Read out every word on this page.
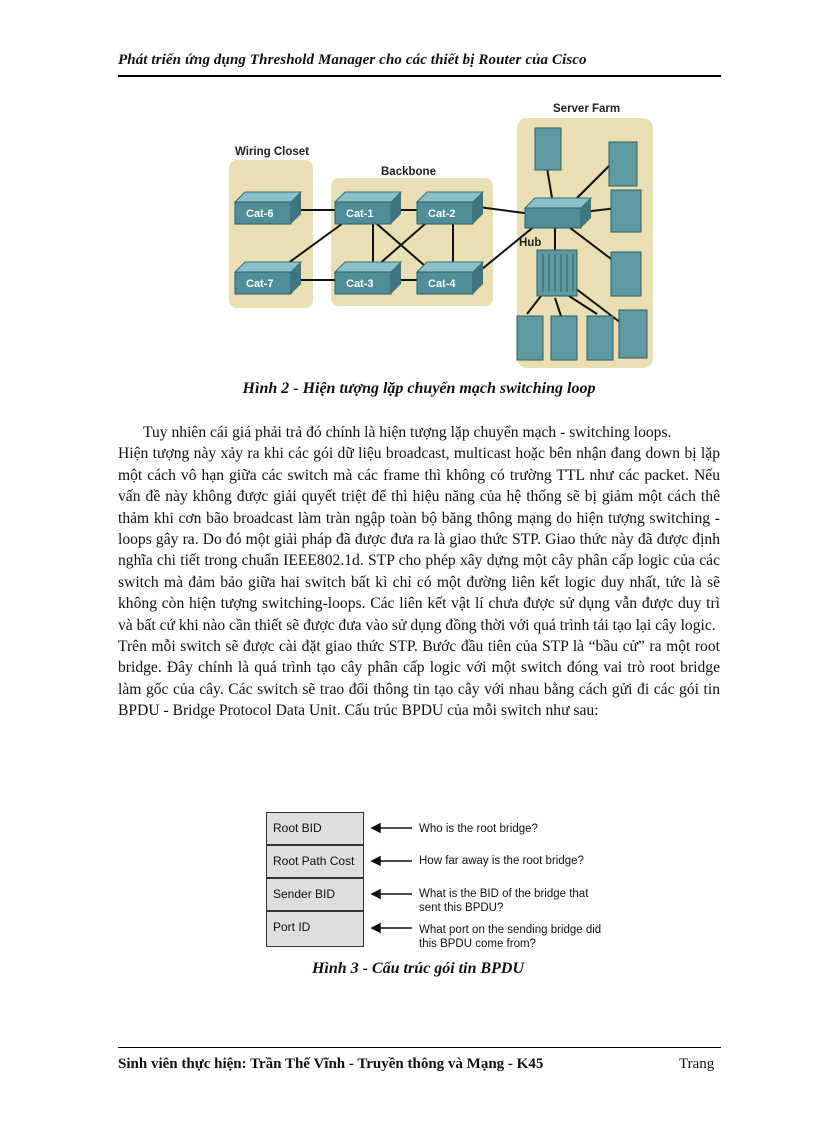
Phát triển ứng dụng Threshold Manager cho các thiết bị Router của Cisco
Wiring Closet
Backbone
Server Farm
Hub
Cat-6
Cat-7
Cat-1	Cat-2
Cat-3	Cat-4
Hình 2 - Hiện tượng lặp chuyển mạch switching loop

Tuy nhiên cái giá phải trả đó chính là hiện tượng lặp chuyển mạch - switching loops.

Hiện tượng này xảy ra khi các gói dữ liệu broadcast, multicast hoặc bên nhận đang down bị lặp một cách vô hạn giữa các switch mà các frame thì không có trường TTL như các packet. Nếu vấn đề này không được giải quyết triệt để thì hiệu năng của hệ thống sẽ bị giảm một cách thê thảm khi cơn bão broadcast làm tràn ngập toàn bộ băng thông mạng do hiện tượng switching - loops gây ra. Do đó một giải pháp đã được đưa ra là giao thức STP. Giao thức này đã được định nghĩa chi tiết trong chuẩn IEEE802.1d. STP cho phép xây dựng một cây phân cấp logic của các switch mà đảm bảo giữa hai switch bất kì chỉ có một đường liên kết logic duy nhất, tức là sẽ không còn hiện tượng switching-loops. Các liên kết vật lí chưa được sử dụng vẫn được duy trì và bất cứ khi nào cần thiết sẽ được đưa vào sử dụng đồng thời với quá trình tái tạo lại cây logic.

Trên mỗi switch sẽ được cài đặt giao thức STP. Bước đầu tiên của STP là “bầu cử” ra một root bridge. Đây chính là quá trình tạo cây phân cấp logic với một switch đóng vai trò root bridge làm gốc của cây. Các switch sẽ trao đổi thông tin tạo cây với nhau bằng cách gửi đi các gói tin BPDU - Bridge Protocol Data Unit. Cấu trúc BPDU của mỗi switch như sau:

Root BID
Root Path Cost
Sender BID
Port ID
Who is the root bridge?
How far away is the root bridge?
What is the BID of the bridge that sent this BPDU?
What port on the sending bridge did this BPDU come from?
Hình 3 - Cấu trúc gói tin BPDU
Sinh viên thực hiện: Trần Thế Vĩnh - Truyền thông và Mạng - K45	Trang
